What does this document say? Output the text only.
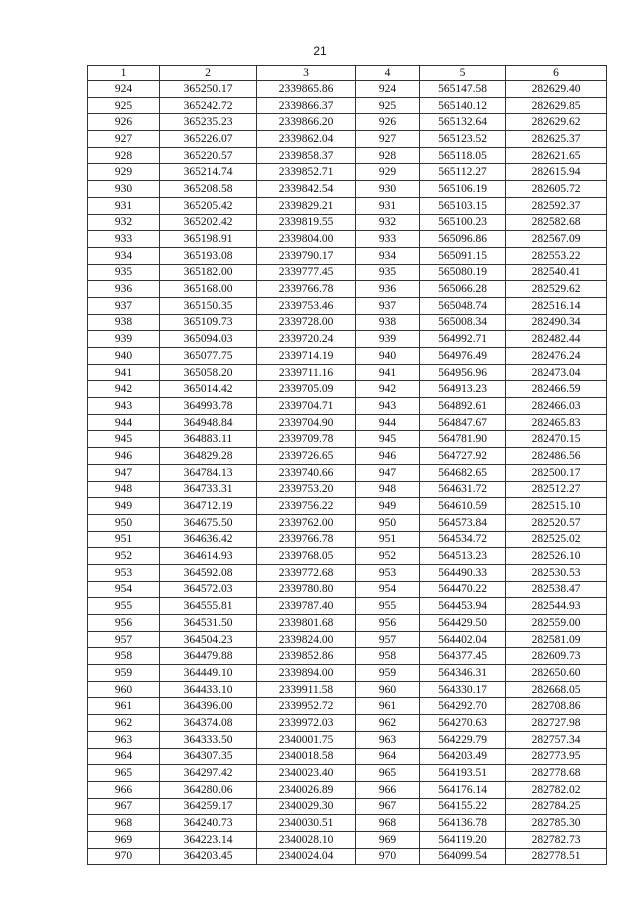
21
1	2	3	4	5	6
924	365250.17	2339865.86	924	565147.58	282629.40
925	365242.72	2339866.37	925	565140.12	282629.85
926	365235.23	2339866.20	926	565132.64	282629.62
927	365226.07	2339862.04	927	565123.52	282625.37
928	365220.57	2339858.37	928	565118.05	282621.65
929	365214.74	2339852.71	929	565112.27	282615.94
930	365208.58	2339842.54	930	565106.19	282605.72
931	365205.42	2339829.21	931	565103.15	282592.37
932	365202.42	2339819.55	932	565100.23	282582.68
933	365198.91	2339804.00	933	565096.86	282567.09
934	365193.08	2339790.17	934	565091.15	282553.22
935	365182.00	2339777.45	935	565080.19	282540.41
936	365168.00	2339766.78	936	565066.28	282529.62
937	365150.35	2339753.46	937	565048.74	282516.14
938	365109.73	2339728.00	938	565008.34	282490.34
939	365094.03	2339720.24	939	564992.71	282482.44
940	365077.75	2339714.19	940	564976.49	282476.24
941	365058.20	2339711.16	941	564956.96	282473.04
942	365014.42	2339705.09	942	564913.23	282466.59
943	364993.78	2339704.71	943	564892.61	282466.03
944	364948.84	2339704.90	944	564847.67	282465.83
945	364883.11	2339709.78	945	564781.90	282470.15
946	364829.28	2339726.65	946	564727.92	282486.56
947	364784.13	2339740.66	947	564682.65	282500.17
948	364733.31	2339753.20	948	564631.72	282512.27
949	364712.19	2339756.22	949	564610.59	282515.10
950	364675.50	2339762.00	950	564573.84	282520.57
951	364636.42	2339766.78	951	564534.72	282525.02
952	364614.93	2339768.05	952	564513.23	282526.10
953	364592.08	2339772.68	953	564490.33	282530.53
954	364572.03	2339780.80	954	564470.22	282538.47
955	364555.81	2339787.40	955	564453.94	282544.93
956	364531.50	2339801.68	956	564429.50	282559.00
957	364504.23	2339824.00	957	564402.04	282581.09
958	364479.88	2339852.86	958	564377.45	282609.73
959	364449.10	2339894.00	959	564346.31	282650.60
960	364433.10	2339911.58	960	564330.17	282668.05
961	364396.00	2339952.72	961	564292.70	282708.86
962	364374.08	2339972.03	962	564270.63	282727.98
963	364333.50	2340001.75	963	564229.79	282757.34
964	364307.35	2340018.58	964	564203.49	282773.95
965	364297.42	2340023.40	965	564193.51	282778.68
966	364280.06	2340026.89	966	564176.14	282782.02
967	364259.17	2340029.30	967	564155.22	282784.25
968	364240.73	2340030.51	968	564136.78	282785.30
969	364223.14	2340028.10	969	564119.20	282782.73
970	364203.45	2340024.04	970	564099.54	282778.51
